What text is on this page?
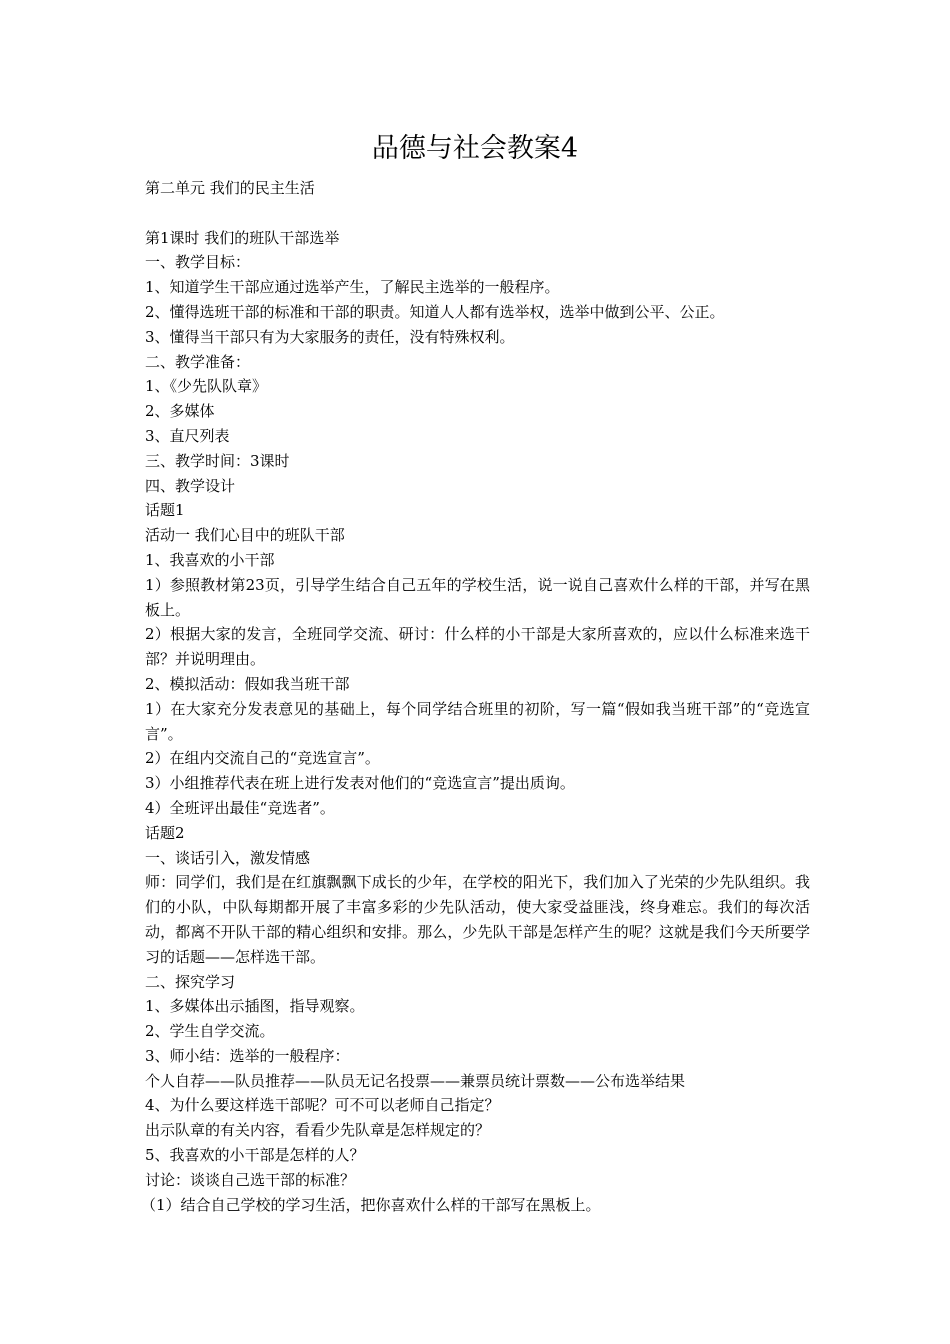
品德与社会教案4

第二单元 我们的民主生活

第1课时 我们的班队干部选举

一、教学目标：

1、知道学生干部应通过选举产生，了解民主选举的一般程序。

2、懂得选班干部的标准和干部的职责。知道人人都有选举权，选举中做到公平、公正。

3、懂得当干部只有为大家服务的责任，没有特殊权利。

二、教学准备：

1、《少先队队章》

2、多媒体

3、直尺列表

三、教学时间：3课时

四、教学设计

话题1

活动一 我们心目中的班队干部

1、我喜欢的小干部

1）参照教材第23页，引导学生结合自己五年的学校生活，说一说自己喜欢什么样的干部，并写在黑板上。

2）根据大家的发言，全班同学交流、研讨：什么样的小干部是大家所喜欢的，应以什么标准来选干部？并说明理由。

2、模拟活动：假如我当班干部

1）在大家充分发表意见的基础上，每个同学结合班里的初阶，写一篇“假如我当班干部”的“竞选宣言”。

2）在组内交流自己的“竞选宣言”。

3）小组推荐代表在班上进行发表对他们的“竞选宣言”提出质询。

4）全班评出最佳“竞选者”。

话题2

一、谈话引入，激发情感

师：同学们，我们是在红旗飘飘下成长的少年，在学校的阳光下，我们加入了光荣的少先队组织。我们的小队，中队每期都开展了丰富多彩的少先队活动，使大家受益匪浅，终身难忘。我们的每次活动，都离不开队干部的精心组织和安排。那么，少先队干部是怎样产生的呢？这就是我们今天所要学习的话题——怎样选干部。

二、探究学习

1、多媒体出示插图，指导观察。

2、学生自学交流。

3、师小结：选举的一般程序：

个人自荐——队员推荐——队员无记名投票——兼票员统计票数——公布选举结果

4、为什么要这样选干部呢？可不可以老师自己指定？

出示队章的有关内容，看看少先队章是怎样规定的？

5、我喜欢的小干部是怎样的人？

讨论：谈谈自己选干部的标准？

（1）结合自己学校的学习生活，把你喜欢什么样的干部写在黑板上。
